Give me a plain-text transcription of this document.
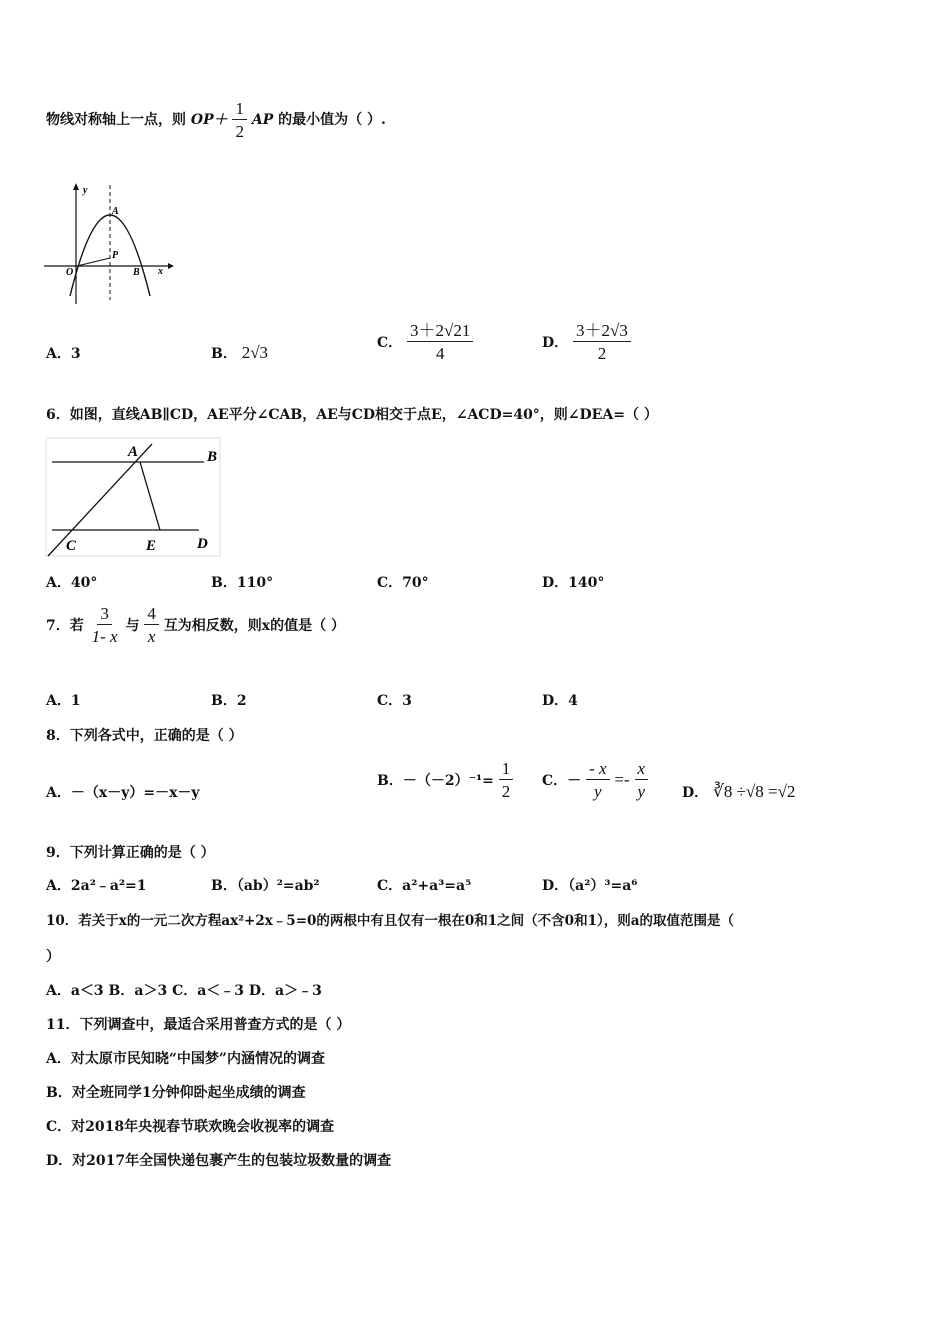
物线对称轴上一点，则 $OP+ \frac{1}{2}$ AP 的最小值为（ ）.
y
A
P
O	B x
A．3	B． 2√3	C． $\frac{3+2√21}{4}$	D． $\frac{3+2√3}{2}$
6．如图，直线AB∥CD，AE平分∠CAB，AE与CD相交于点E，∠ACD=40°，则∠DEA=（ ）
A	B
C	E	D
A．40°	B．110°	C．70°	D．140°
7．若 $\frac{3}{1- x}$ 与 $\frac{4}{x}$ 互为相反数，则x的值是（ ）
A．1	B．2	C．3	D．4
8．下列各式中，正确的是（ ）
A．－（x－y）=－x－y
B．$-(-2)^{-1}= \frac{1}{2}$ C．－ $\frac{- x}{y} =- \frac{x}{y}$ D． ∛8 ÷√8 =√2
9．下列计算正确的是（ ）
A．2a²﹣a²=1	B．（ab）²=ab²	C．a²+a³=a⁵	D．（a²）³=a⁶
10．若关于x的一元二次方程ax²+2x﹣5=0的两根中有且仅有一根在0和1之间（不含0和1），则a的取值范围是（
）
A．a＜3 B．a＞3 C．a＜﹣3 D．a＞﹣3
11．下列调查中，最适合采用普查方式的是（ ）
A．对太原市民知晓“中国梦”内涵情况的调查
B．对全班同学1分钟仰卧起坐成绩的调查
C．对2018年央视春节联欢晚会收视率的调查
D．对2017年全国快递包裹产生的包装垃圾数量的调查
